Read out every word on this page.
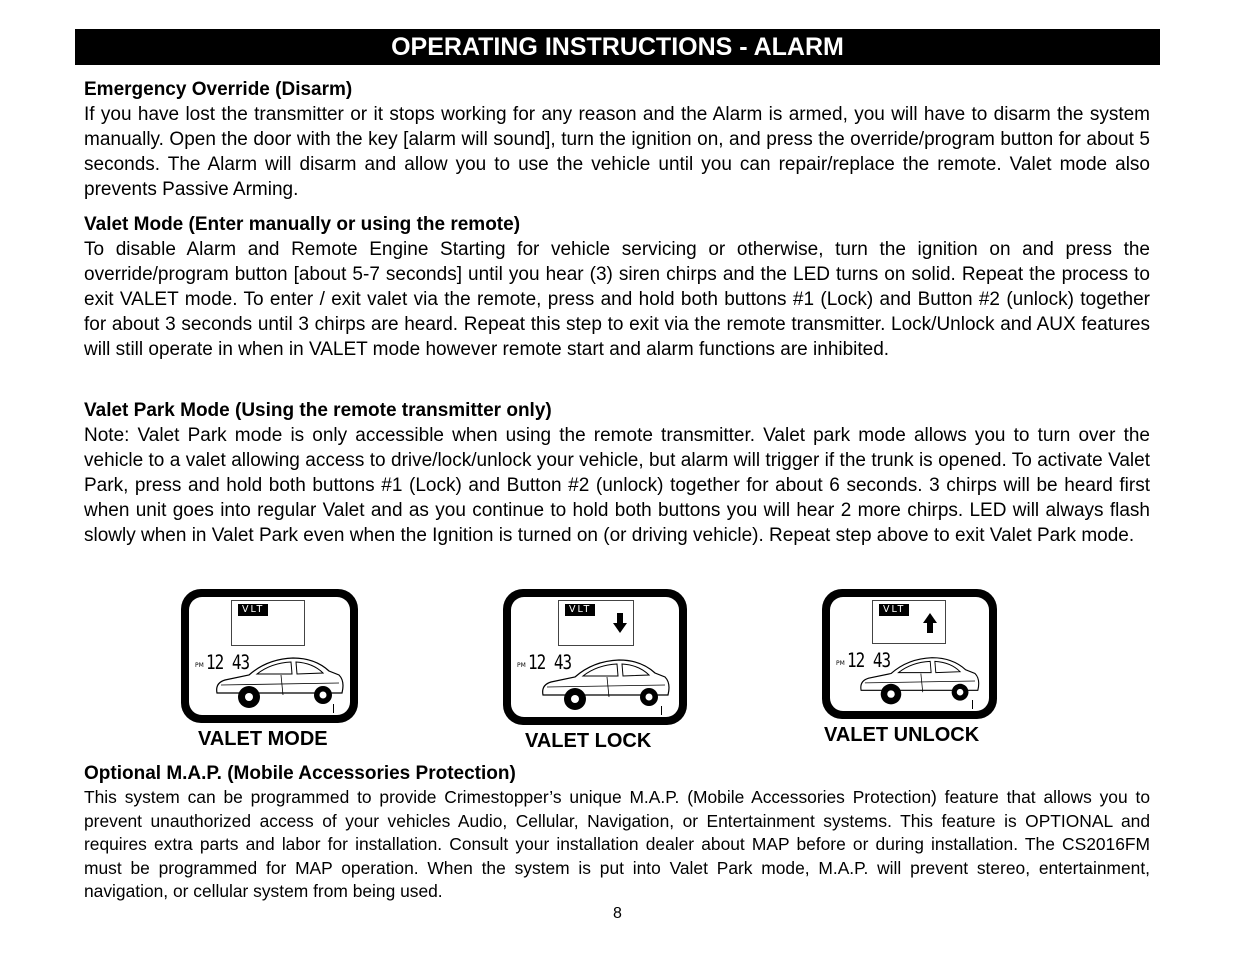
OPERATING INSTRUCTIONS - ALARM
Emergency Override (Disarm)
If you have lost the transmitter or it stops working for any reason and the Alarm is armed, you will have to disarm the system manually. Open the door with the key [alarm will sound], turn the ignition on, and press the override/program button for about 5 seconds. The Alarm will disarm and allow you to use the vehicle until you can repair/replace the remote. Valet mode also prevents Passive Arming.
Valet Mode (Enter manually or using the remote)
To disable Alarm and Remote Engine Starting for vehicle servicing or otherwise, turn the ignition on and press the override/program button [about 5-7 seconds] until you hear (3) siren chirps and the LED turns on solid. Repeat the process to exit VALET mode. To enter / exit valet via the remote, press and hold both buttons #1 (Lock) and Button #2 (unlock) together for about 3 seconds until 3 chirps are heard. Repeat this step to exit via the remote transmitter. Lock/Unlock and AUX features will still operate in when in VALET mode however remote start and alarm functions are inhibited.
Valet Park Mode (Using the remote transmitter only)
Note: Valet Park mode is only accessible when using the remote transmitter. Valet park mode allows you to turn over the vehicle to a valet allowing access to drive/lock/unlock your vehicle, but alarm will trigger if the trunk is opened. To activate Valet Park, press and hold both buttons #1 (Lock) and Button #2 (unlock) together for about 6 seconds. 3 chirps will be heard first when unit goes into regular Valet and as you continue to hold both buttons you will hear 2 more chirps. LED will always flash slowly when in Valet Park even when the Ignition is turned on (or driving vehicle). Repeat step above to exit Valet Park mode.
VLT
PM 12 43
VALET MODE
VLT
PM 12 43
VALET LOCK
VLT
PM 12 43
VALET UNLOCK
Optional M.A.P. (Mobile Accessories Protection)
This system can be programmed to provide Crimestopper’s unique M.A.P. (Mobile Accessories Protection) feature that allows you to prevent unauthorized access of your vehicles Audio, Cellular, Navigation, or Entertainment systems. This feature is OPTIONAL and requires extra parts and labor for installation. Consult your installation dealer about MAP before or during installation. The CS2016FM must be programmed for MAP operation. When the system is put into Valet Park mode, M.A.P. will prevent stereo, entertainment, navigation, or cellular system from being used.
8
